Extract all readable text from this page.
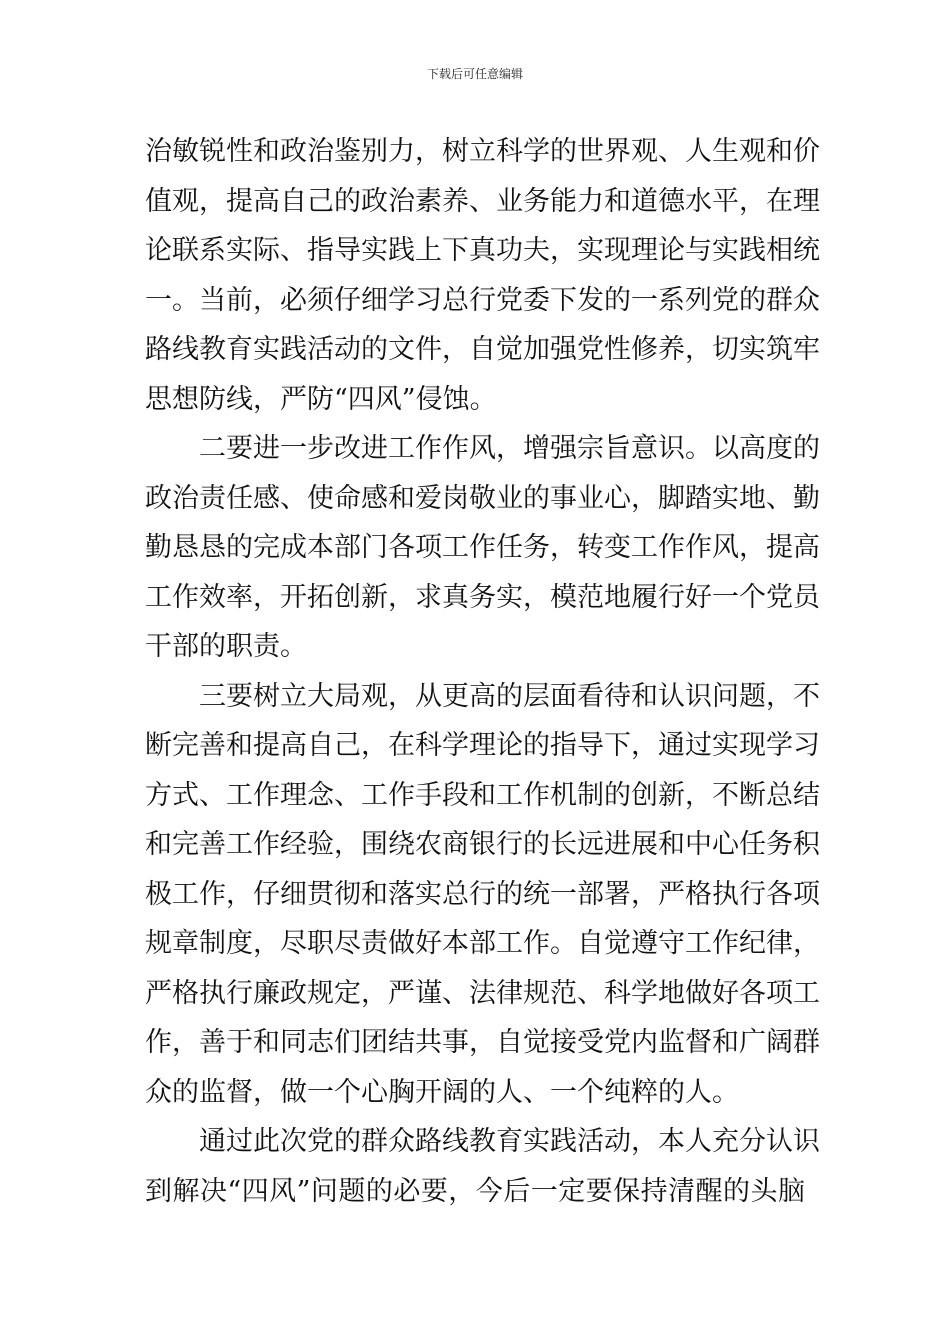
下载后可任意编辑
治敏锐性和政治鉴别力，树立科学的世界观、人生观和价
值观，提高自己的政治素养、业务能力和道德水平，在理
论联系实际、指导实践上下真功夫，实现理论与实践相统
一。当前，必须仔细学习总行党委下发的一系列党的群众
路线教育实践活动的文件，自觉加强党性修养，切实筑牢
思想防线，严防“四风”侵蚀。
二要进一步改进工作作风，增强宗旨意识。以高度的
政治责任感、使命感和爱岗敬业的事业心，脚踏实地、勤
勤恳恳的完成本部门各项工作任务，转变工作作风，提高
工作效率，开拓创新，求真务实，模范地履行好一个党员
干部的职责。
三要树立大局观，从更高的层面看待和认识问题，不
断完善和提高自己，在科学理论的指导下，通过实现学习
方式、工作理念、工作手段和工作机制的创新，不断总结
和完善工作经验，围绕农商银行的长远进展和中心任务积
极工作，仔细贯彻和落实总行的统一部署，严格执行各项
规章制度，尽职尽责做好本部工作。自觉遵守工作纪律，
严格执行廉政规定，严谨、法律规范、科学地做好各项工
作，善于和同志们团结共事，自觉接受党内监督和广阔群
众的监督，做一个心胸开阔的人、一个纯粹的人。
通过此次党的群众路线教育实践活动，本人充分认识
到解决“四风”问题的必要，今后一定要保持清醒的头脑
